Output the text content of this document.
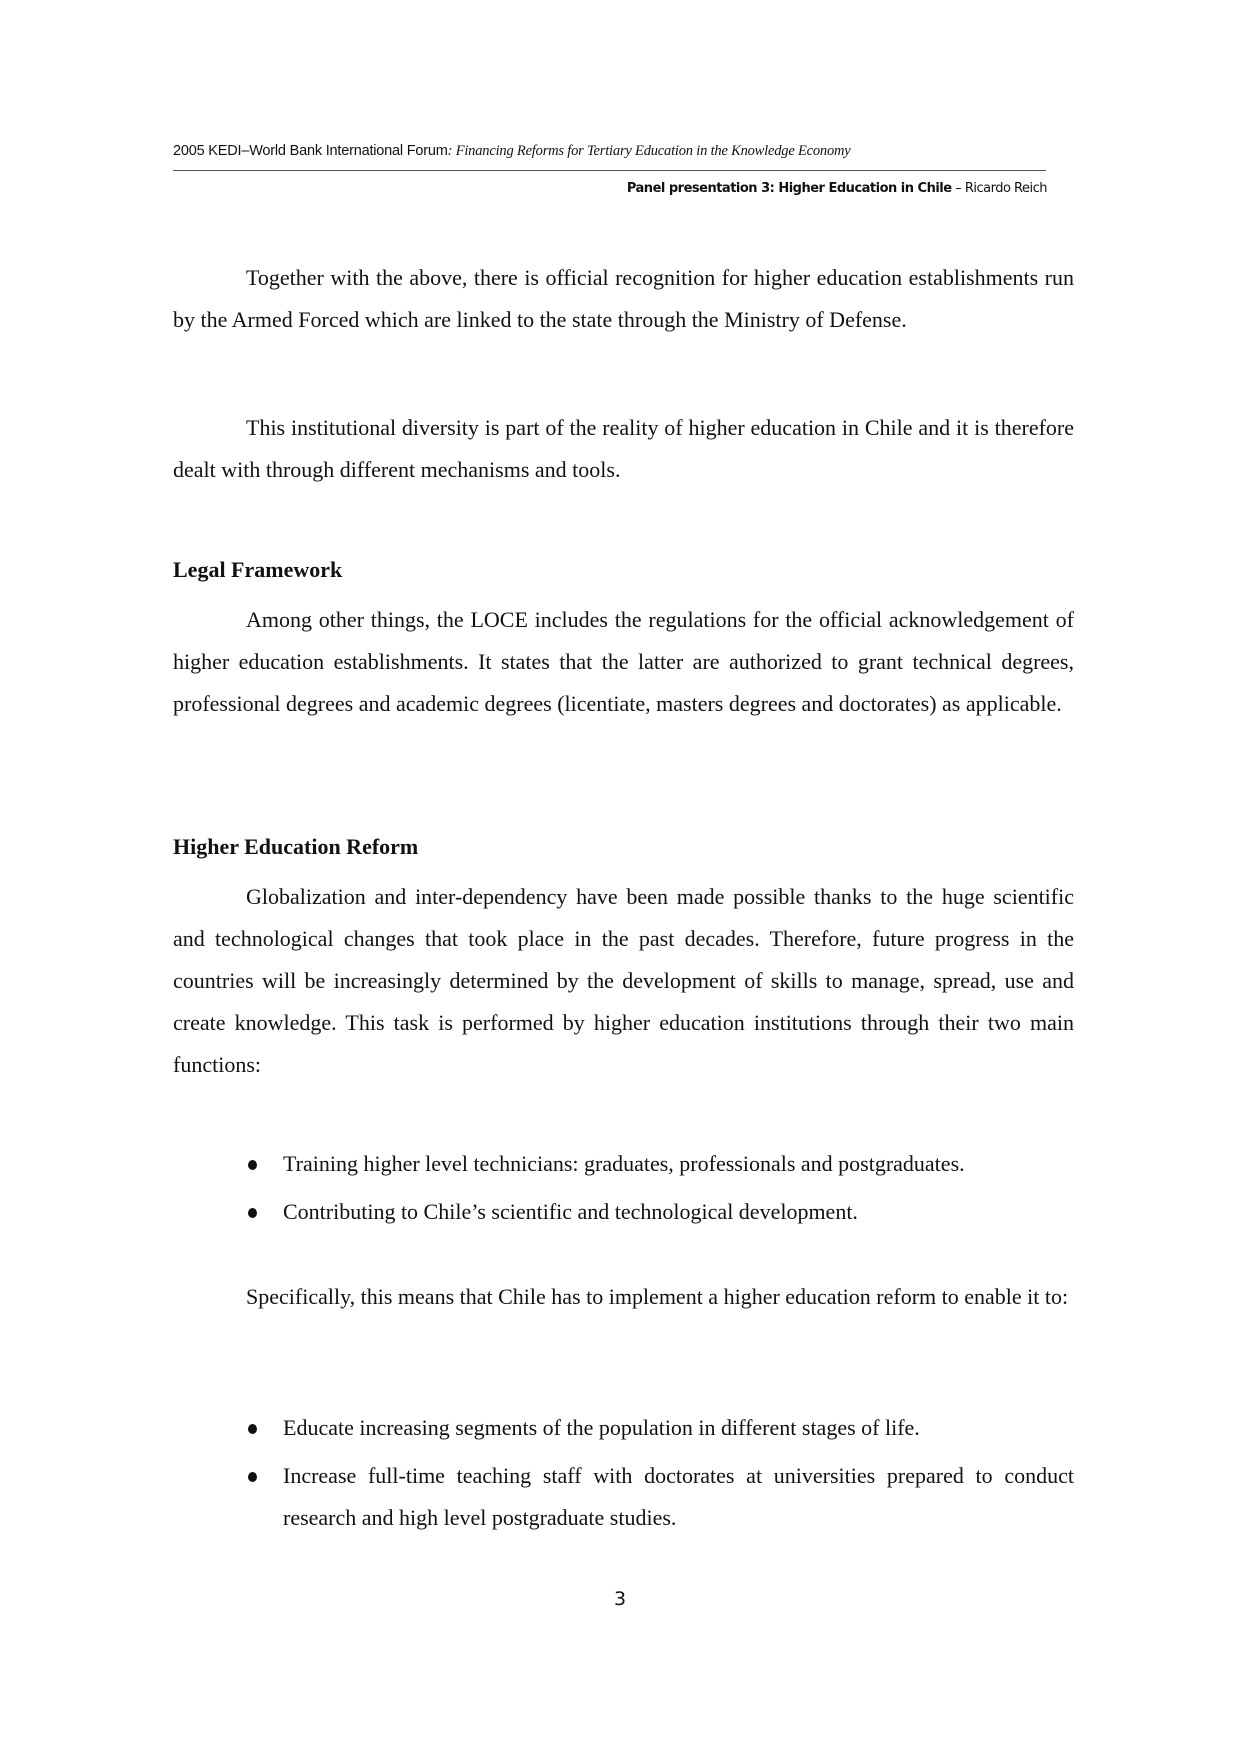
2005 KEDI–World Bank International Forum: Financing Reforms for Tertiary Education in the Knowledge Economy
Panel presentation 3: Higher Education in Chile – Ricardo Reich

Together with the above, there is official recognition for higher education establishments run by the Armed Forced which are linked to the state through the Ministry of Defense.

This institutional diversity is part of the reality of higher education in Chile and it is therefore dealt with through different mechanisms and tools.

Legal Framework

Among other things, the LOCE includes the regulations for the official acknowledgement of higher education establishments. It states that the latter are authorized to grant technical degrees, professional degrees and academic degrees (licentiate, masters degrees and doctorates) as applicable.

Higher Education Reform

Globalization and inter-dependency have been made possible thanks to the huge scientific and technological changes that took place in the past decades. Therefore, future progress in the countries will be increasingly determined by the development of skills to manage, spread, use and create knowledge. This task is performed by higher education institutions through their two main functions:

Training higher level technicians: graduates, professionals and postgraduates.
Contributing to Chile’s scientific and technological development.

Specifically, this means that Chile has to implement a higher education reform to enable it to:

Educate increasing segments of the population in different stages of life.
Increase full-time teaching staff with doctorates at universities prepared to conduct research and high level postgraduate studies.
3
